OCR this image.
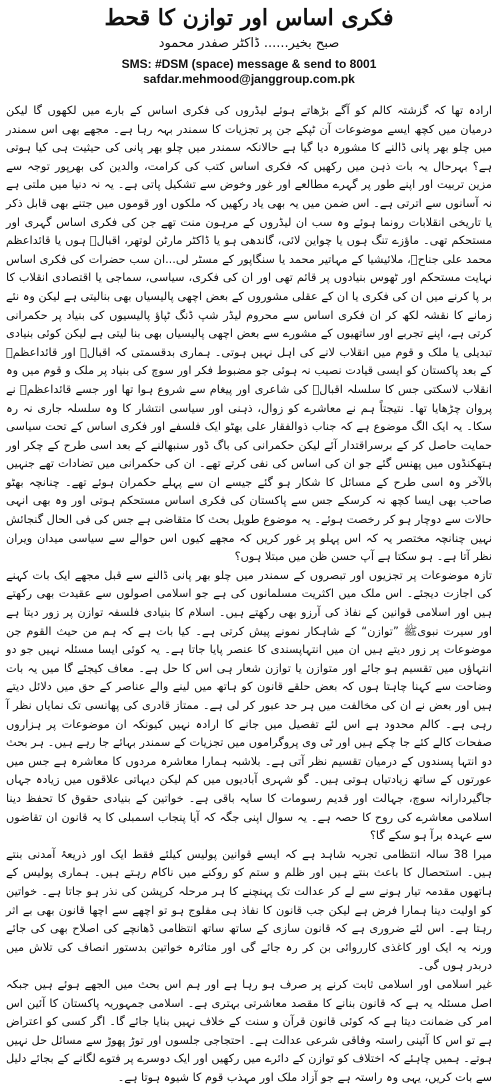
فکری اساس اور توازن کا قحط
صبح بخیر...... ڈاکٹر صفدر محمود
SMS: #DSM (space) message & send to 8001
safdar.mehmood@janggroup.com.pk

ارادہ تھا کہ گزشتہ کالم کو آگے بڑھاتے ہوئے لیڈروں کی فکری اساس کے بارے میں لکھوں گا لیکن درمیان میں کچھ ایسے موضوعات آن ٹپکے جن پر تجزیات کا سمندر بہہ رہا ہے۔ مجھے بھی اس سمندر میں چلو بھر پانی ڈالنے کا مشورہ دیا گیا ہے حالانکہ سمندر میں چلو بھر پانی کی حیثیت ہی کیا ہوتی ہے؟ بہرحال یہ بات ذہن میں رکھیں کہ فکری اساس کتب کی کرامت، والدین کی بھرپور توجہ سے مزین تربیت اور اپنے طور پر گہرے مطالعے اور غور وخوض سے تشکیل پاتی ہے۔ یہ نہ دنیا میں ملتی ہے نہ آسانوں سے اترتی ہے۔ اس ضمن میں یہ بھی یاد رکھیں کہ ملکوں اور قوموں میں جتنے بھی قابل ذکر یا تاریخی انقلابات رونما ہوئے وہ سب ان لیڈروں کے مرہون منت تھے جن کی فکری اساس گہری اور مستحکم تھی۔ ماؤزے تنگ ہوں یا چواین لائی، گاندھی ہو یا ڈاکٹر مارٹن لوتھر، اقبالؒ ہوں یا قائداعظم محمد علی جناحؒ، ملائیشیا کے مہاتیر محمد یا سنگاپور کے مسٹر لی...ان سب حضرات کی فکری اساس نہایت مستحکم اور ٹھوس بنیادوں پر قائم تھی اور ان کی فکری، سیاسی، سماجی یا اقتصادی انقلاب کا بر پا کرنے میں ان کی فکری یا ان کے عقلی مشوروں کے بعض اچھی پالیسیاں بھی بنالیتی ہے لیکن وہ نئے زمانے کا نقشہ لکھ کر ان فکری اساس سے محروم لیڈر شپ ڈنگ ٹپاؤ پالیسیوں کی بنیاد پر حکمرانی کرتی ہے، اپنے تجربے اور ساتھیوں کے مشورے سے بعض اچھی پالیسیاں بھی بنا لیتی ہے لیکن کوئی بنیادی تبدیلی یا ملک و قوم میں انقلاب لانے کی اہل نہیں ہوتی۔ ہماری بدقسمتی کہ اقبالؒ اور قائداعظمؒ کے بعد پاکستان کو ایسی قیادت نصیب نہ ہوئی جو مضبوط فکر اور سوچ کی بنیاد پر ملک و قوم میں وہ انقلاب لاسکتی جس کا سلسلہ اقبالؒ کی شاعری اور پیغام سے شروع ہوا تھا اور جسے قائداعظمؒ نے پروان چڑھایا تھا۔ نتیجتاً ہم نے معاشرے کو زوال، ذہنی اور سیاسی انتشار کا وہ سلسلہ جاری نہ رہ سکا۔ یہ ایک الگ موضوع ہے کہ جناب ذوالفقار علی بھٹو ایک فلسفے اور فکری اساس کے تحت سیاسی حمایت حاصل کر کے برسراقتدار آئے لیکن حکمرانی کی باگ ڈور سنبھالنے کے بعد اسی طرح کے چکر اور ہتھکنڈوں میں پھنس گئے جو ان کی اساس کی نفی کرتے تھے۔ ان کی حکمرانی میں تضادات تھے جنہیں بالآخر وہ اسی طرح کے مسائل کا شکار ہو گئے جیسے ان سے پہلے حکمران ہوئے تھے۔ چنانچہ بھٹو صاحب بھی ایسا کچھ نہ کرسکے جس سے پاکستان کی فکری اساس مستحکم ہوتی اور وہ بھی انہی حالات سے دوچار ہو کر رخصت ہوئے۔ یہ موضوع طویل بحث کا متقاضی ہے جس کی فی الحال گنجائش نہیں چنانچہ مختصر یہ کہ اس پہلو پر غور کریں کہ مجھے کیوں اس حوالے سے سیاسی میدان ویران نظر آتا ہے۔ ہو سکتا ہے آپ حسن ظن میں مبتلا ہوں؟

تازہ موضوعات پر تجزیوں اور تبصروں کے سمندر میں چلو بھر پانی ڈالنے سے قبل مجھے ایک بات کہنے کی اجازت دیجئے۔ اس ملک میں اکثریت مسلمانوں کی ہے جو اسلامی اصولوں سے عقیدت بھی رکھتے ہیں اور اسلامی قوانین کے نفاذ کی آرزو بھی رکھتے ہیں۔ اسلام کا بنیادی فلسفہ توازن پر زور دیتا ہے اور سیرت نبویﷺ ”توازن“ کے شاہکار نمونے پیش کرتی ہے۔ کیا بات ہے کہ ہم من حیث القوم جن موضوعات پر زور دیتے ہیں ان میں انتہاپسندی کا عنصر پایا جاتا ہے۔ یہ کوئی ایسا مسئلہ نہیں جو دو انتہاؤں میں تقسیم ہو جائے اور متوازن یا توازن شعار ہی اس کا حل ہے۔ معاف کیجئے گا میں یہ بات وضاحت سے کہنا چاہتا ہوں کہ بعض حلقے قانون کو ہاتھ میں لینے والے عناصر کے حق میں دلائل دیتے ہیں اور بعض نے ان کی مخالفت میں ہر حد عبور کر لی ہے۔ ممتاز قادری کی پھانسی تک نمایاں نظر آ رہی ہے۔ کالم محدود ہے اس لئے تفصیل میں جانے کا ارادہ نہیں کیونکہ ان موضوعات پر ہزاروں صفحات کالے کئے جا چکے ہیں اور ٹی وی پروگراموں میں تجزیات کے سمندر بہائے جا رہے ہیں۔ ہر بحث دو انتہا پسندوں کے درمیان تقسیم نظر آتی ہے۔ بلاشبہ ہمارا معاشرہ مردوں کا معاشرہ ہے جس میں عورتوں کے ساتھ زیادتیاں ہوتی ہیں۔ گو شہری آبادیوں میں کم لیکن دیہاتی علاقوں میں زیادہ جہاں جاگیردارانہ سوچ، جہالت اور قدیم رسومات کا سایہ باقی ہے۔ خواتین کے بنیادی حقوق کا تحفظ دینا اسلامی معاشرے کی روح کا حصہ ہے۔ یہ سوال اپنی جگہ کہ آیا پنجاب اسمبلی کا یہ قانون ان تقاضوں سے عہدہ برآ ہو سکے گا؟

میرا 38 سالہ انتظامی تجربہ شاہد ہے کہ ایسے قوانین پولیس کیلئے فقط ایک اور ذریعۂ آمدنی بنتے ہیں۔ استحصال کا باعث بنتے ہیں اور ظلم و ستم کو روکنے میں ناکام رہتے ہیں۔ ہماری پولیس کے ہاتھوں مقدمہ تیار ہونے سے لے کر عدالت تک پہنچنے کا ہر مرحلہ کرپشن کی نذر ہو جاتا ہے۔ خواتین کو اولیت دینا ہمارا فرض ہے لیکن جب قانون کا نفاذ ہی مفلوج ہو تو اچھے سے اچھا قانون بھی بے اثر رہتا ہے۔ اس لئے ضروری ہے کہ قانون سازی کے ساتھ ساتھ انتظامی ڈھانچے کی اصلاح بھی کی جائے ورنہ یہ ایک اور کاغذی کارروائی بن کر رہ جائے گی اور متاثرہ خواتین بدستور انصاف کی تلاش میں دربدر ہوں گی۔

غیر اسلامی اور اسلامی ثابت کرنے پر صرف ہو رہا ہے اور ہم اس بحث میں الجھے ہوئے ہیں جبکہ اصل مسئلہ یہ ہے کہ قانون بنانے کا مقصد معاشرتی بہتری ہے۔ اسلامی جمہوریہ پاکستان کا آئین اس امر کی ضمانت دیتا ہے کہ کوئی قانون قرآن و سنت کے خلاف نہیں بنایا جائے گا۔ اگر کسی کو اعتراض ہے تو اس کا آئینی راستہ وفاقی شرعی عدالت ہے۔ احتجاجی جلسوں اور توڑ پھوڑ سے مسائل حل نہیں ہوتے۔ ہمیں چاہئے کہ اختلاف کو توازن کے دائرے میں رکھیں اور ایک دوسرے پر فتوے لگانے کے بجائے دلیل سے بات کریں، یہی وہ راستہ ہے جو آزاد ملک اور مہذب قوم کا شیوہ ہوتا ہے۔
